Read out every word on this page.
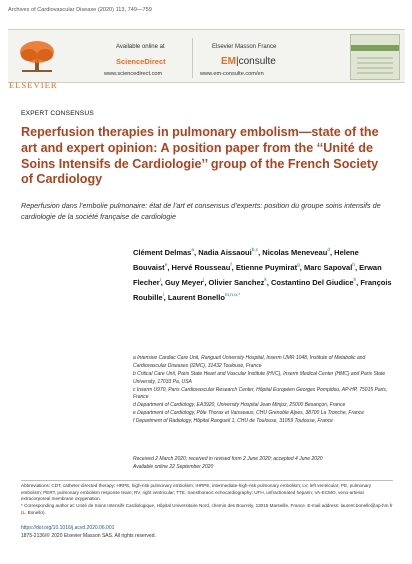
Archives of Cardiovascular Disease (2020) 113, 749—759
ELSEVIER
Available online at
ScienceDirect
www.sciencedirect.com
Elsevier Masson France
EM|consulte
www.em-consulte.com/en
EXPERT CONSENSUS
Reperfusion therapies in pulmonary embolism—state of the art and expert opinion: A position paper from the ‘‘Unité de Soins Intensifs de Cardiologie’’ group of the French Society of Cardiology
Reperfusion dans l’embolie pulmonaire: état de l’art et consensus d’experts: position du groupe soins intensifs de cardiologie de la société française de cardiologie
Clément Delmas$^a$, Nadia Aissaoui$^{b,c}$, Nicolas Meneveau$^d$, Helene Bouvaist$^e$, Hervé Rousseau$^f$, Etienne Puymirat$^g$, Marc Sapoval$^h$, Erwan Flecher$^i$, Guy Meyer$^j$, Olivier Sanchez$^k$, Costantino Del Giudice$^h$, François Roubille$^l$, Laurent Bonello$^{m,n,o,*}$

a Intensive Cardiac Care Unit, Rangueil University Hospital, Inserm UMR 1048, Institute of Metabolic and Cardiovascular Diseases (I2MC), 31432 Toulouse, France

b Critical Care Unit, Paris State Heart and Vascular Institute (HVC), Inserm Medical Center (HMC) and Paris State University, 17033 Pa, USA

c Inserm U970, Paris Cardiovascular Research Center, Hôpital Européen Georges Pompidou, AP-HP, 75015 Paris, France

d Department of Cardiology, EA3920, University Hospital Jean Minjoz, 25000 Besançon, France

e Department of Cardiology, Pôle Thorax et Vaisseaux, CHU Grenoble Alpes, 38700 La Tronche, France

f Department of Radiology, Hôpital Rangueil 1, CHU de Toulouse, 31059 Toulouse, France

Received 2 March 2020; received in revised form 2 June 2020; accepted 4 June 2020

Available online 22 September 2020

Abbreviations: CDT, catheter-directed therapy; HRPE, high-risk pulmonary embolism; IHRPE, intermediate-high-risk pulmonary embolism; LV, left ventricular; PE, pulmonary embolism; PERT, pulmonary embolism response team; RV, right ventricular; TTE, transthoracic echocardiography; UFH, unfractionated heparin; VA-ECMO, veno-arterial extracorporeal membrane oxygenation.
* Corresponding author at: Unité de Soins Intensifs Cardiologique, Hôpital Universitaire Nord, chemin des Bourrely, 13015 Marseille, France. E-mail address: laurent.bonello@ap-hm.fr (L. Bonello).
https://doi.org/10.1016/j.acvd.2020.06.001
1875-2136/© 2020 Elsevier Masson SAS. All rights reserved.
